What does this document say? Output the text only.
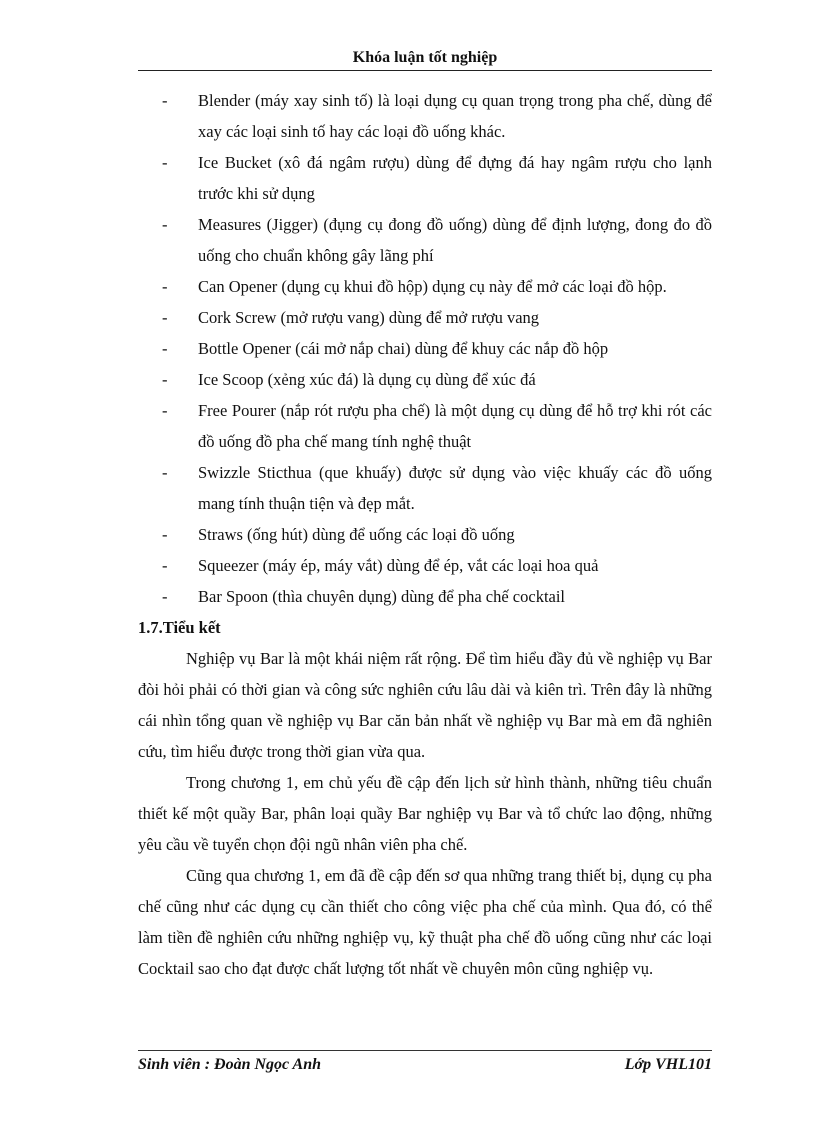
Khóa luận tốt nghiệp
- Blender (máy xay sinh tố) là loại dụng cụ quan trọng trong pha chế, dùng để xay các loại sinh tố hay các loại đồ uống khác.
- Ice Bucket (xô đá ngâm rượu) dùng để đựng đá hay ngâm rượu cho lạnh trước khi sử dụng
- Measures (Jigger) (đụng cụ đong đồ uống) dùng để định lượng, đong đo đồ uống cho chuẩn không gây lãng phí
- Can Opener (dụng cụ khui đồ hộp) dụng cụ này để mở các loại đồ hộp.
- Cork Screw (mở rượu vang) dùng để mở rượu vang
- Bottle Opener (cái mở nắp chai) dùng để khuy các nắp đồ hộp
- Ice Scoop (xẻng xúc đá) là dụng cụ dùng để xúc đá
- Free Pourer (nắp rót rượu pha chế) là một dụng cụ dùng để hỗ trợ khi rót các đồ uống đồ pha chế mang tính nghệ thuật
- Swizzle Sticthua (que khuấy) được sử dụng vào việc khuấy các đồ uống mang tính thuận tiện và đẹp mắt.
- Straws (ống hút) dùng để uống các loại đồ uống
- Squeezer (máy ép, máy vắt) dùng để ép, vắt các loại hoa quả
- Bar Spoon (thìa chuyên dụng) dùng để pha chế cocktail
1.7.Tiểu kết

Nghiệp vụ Bar là một khái niệm rất rộng. Để tìm hiểu đầy đủ về nghiệp vụ Bar đòi hỏi phải có thời gian và công sức nghiên cứu lâu dài và kiên trì. Trên đây là những cái nhìn tổng quan về nghiệp vụ Bar căn bản nhất về nghiệp vụ Bar mà em đã nghiên cứu, tìm hiểu được trong thời gian vừa qua.

Trong chương 1, em chủ yếu đề cập đến lịch sử hình thành, những tiêu chuẩn thiết kế một quầy Bar, phân loại quầy Bar nghiệp vụ Bar và tổ chức lao động, những yêu cầu về tuyển chọn đội ngũ nhân viên pha chế.

Cũng qua chương 1, em đã đề cập đến sơ qua những trang thiết bị, dụng cụ pha chế cũng như các dụng cụ cần thiết cho công việc pha chế của mình. Qua đó, có thể làm tiền đề nghiên cứu những nghiệp vụ, kỹ thuật pha chế đồ uống cũng như các loại Cocktail sao cho đạt được chất lượng tốt nhất về chuyên môn cũng nghiệp vụ.

Sinh viên : Đoàn Ngọc Anh	Lớp VHL101
